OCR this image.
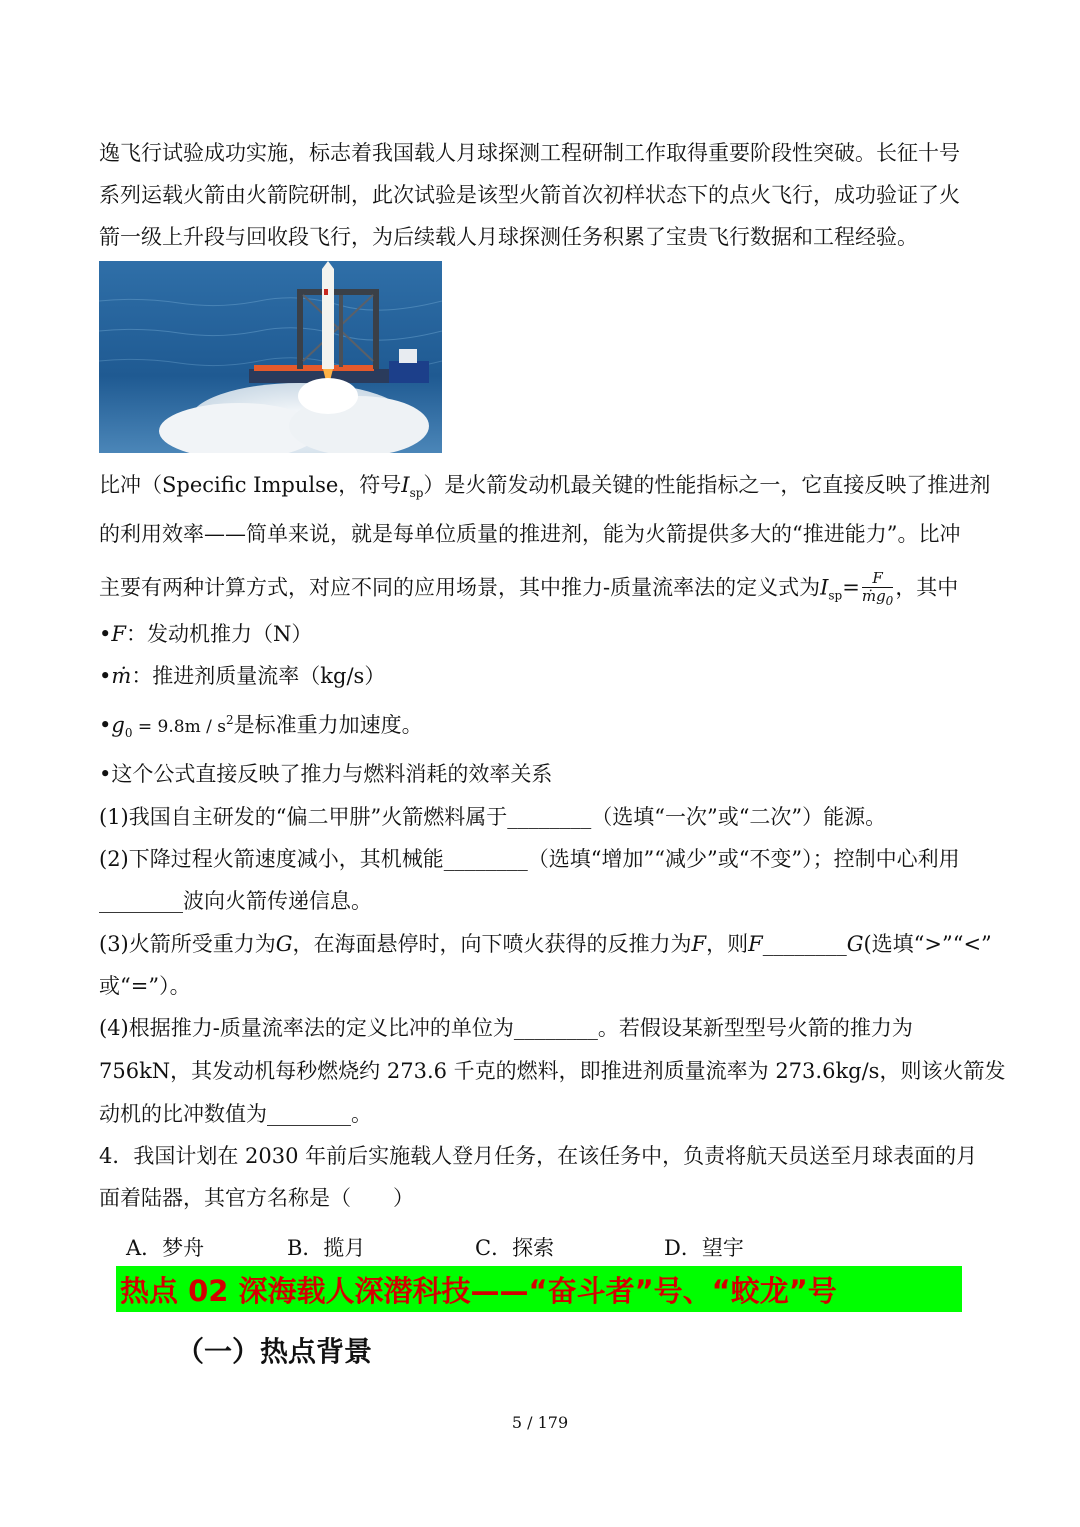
逸飞行试验成功实施，标志着我国载人月球探测工程研制工作取得重要阶段性突破。长征十号
系列运载火箭由火箭院研制，此次试验是该型火箭首次初样状态下的点火飞行，成功验证了火
箭一级上升段与回收段飞行，为后续载人月球探测任务积累了宝贵飞行数据和工程经验。
比冲（Specific Impulse，符号$I_{sp}$）是火箭发动机最关键的性能指标之一，它直接反映了推进剂
的利用效率——简单来说，就是每单位质量的推进剂，能为火箭提供多大的“推进能力”。比冲
主要有两种计算方式，对应不同的应用场景，其中推力-质量流率法的定义式为$I_{sp}= \frac{F}{ṁg_0}$ ，其中
•F：发动机推力（N）
•ṁ：推进剂质量流率（kg/s）
$•g_0 = 9.8m / s^2$是标准重力加速度。
•这个公式直接反映了推力与燃料消耗的效率关系
(1)我国自主研发的“偏二甲肼”火箭燃料属于________（选填“一次”或“二次”）能源。
(2)下降过程火箭速度减小，其机械能________（选填“增加”“减少”或“不变”）；控制中心利用
________波向火箭传递信息。
(3)火箭所受重力为G，在海面悬停时，向下喷火获得的反推力为F，则F________G(选填“>”“<”
或“=”）。
(4)根据推力-质量流率法的定义比冲的单位为________。若假设某新型型号火箭的推力为
756kN，其发动机每秒燃烧约 273.6 千克的燃料，即推进剂质量流率为 273.6kg/s，则该火箭发
动机的比冲数值为________。
4．我国计划在 2030 年前后实施载人登月任务，在该任务中，负责将航天员送至月球表面的月
面着陆器，其官方名称是（　　）
A．梦舟	B．揽月	C．探索	D．望宇
热点 02 深海载人深潜科技——“奋斗者”号、“蛟龙”号
（一）热点背景
5 / 179
